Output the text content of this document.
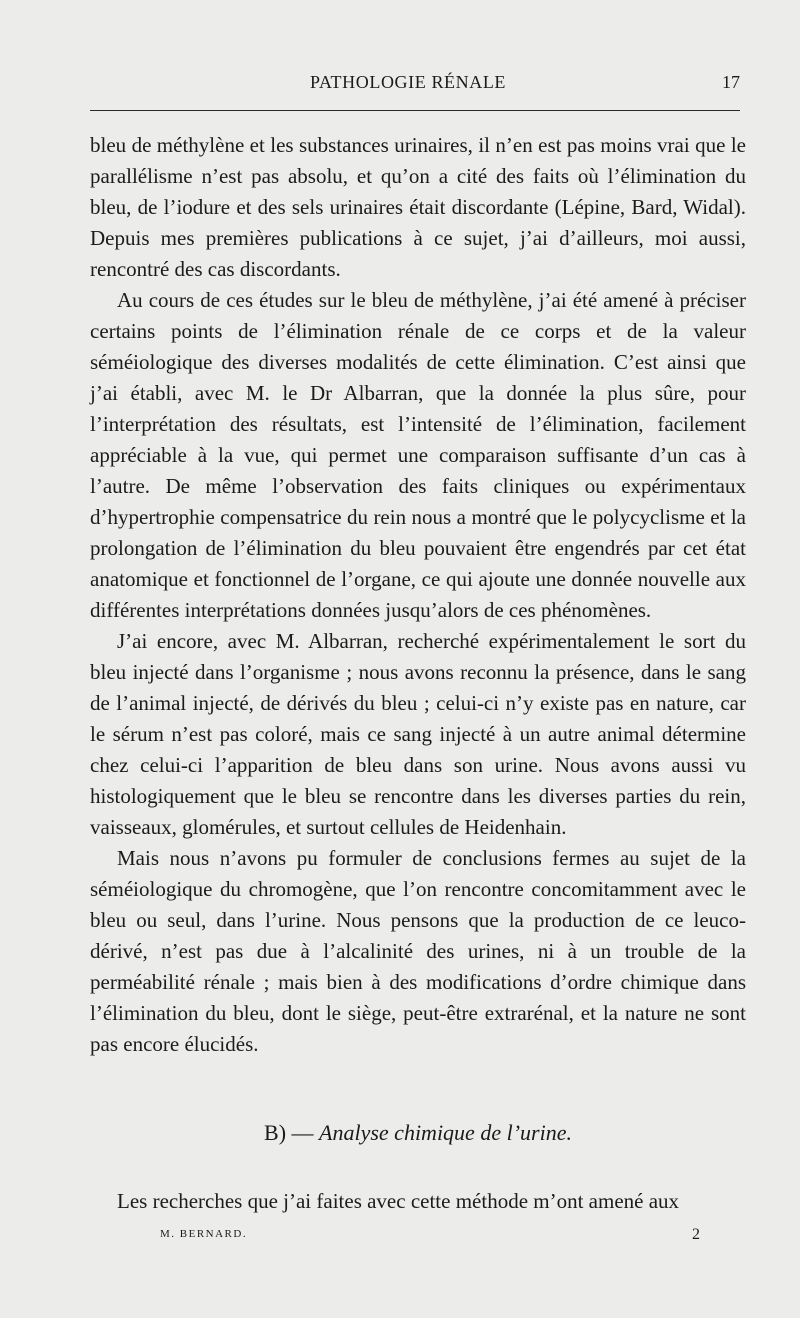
PATHOLOGIE RÉNALE	17

bleu de méthylène et les substances urinaires, il n’en est pas moins vrai que le parallélisme n’est pas absolu, et qu’on a cité des faits où l’élimination du bleu, de l’iodure et des sels urinaires était discordante (Lépine, Bard, Widal). Depuis mes premières publications à ce sujet, j’ai d’ailleurs, moi aussi, rencontré des cas discordants.

Au cours de ces études sur le bleu de méthylène, j’ai été amené à préciser certains points de l’élimination rénale de ce corps et de la valeur séméiologique des diverses modalités de cette élimination. C’est ainsi que j’ai établi, avec M. le Dr Albarran, que la donnée la plus sûre, pour l’interprétation des résultats, est l’intensité de l’élimination, facilement appréciable à la vue, qui permet une comparaison suffisante d’un cas à l’autre. De même l’observation des faits cliniques ou expérimentaux d’hypertrophie compensatrice du rein nous a montré que le polycyclisme et la prolongation de l’élimination du bleu pouvaient être engendrés par cet état anatomique et fonctionnel de l’organe, ce qui ajoute une donnée nouvelle aux différentes interprétations données jusqu’alors de ces phénomènes.

J’ai encore, avec M. Albarran, recherché expérimentalement le sort du bleu injecté dans l’organisme ; nous avons reconnu la présence, dans le sang de l’animal injecté, de dérivés du bleu ; celui-ci n’y existe pas en nature, car le sérum n’est pas coloré, mais ce sang injecté à un autre animal détermine chez celui-ci l’apparition de bleu dans son urine. Nous avons aussi vu histologiquement que le bleu se rencontre dans les diverses parties du rein, vaisseaux, glomérules, et surtout cellules de Heidenhain.

Mais nous n’avons pu formuler de conclusions fermes au sujet de la séméiologique du chromogène, que l’on rencontre concomitamment avec le bleu ou seul, dans l’urine. Nous pensons que la production de ce leuco-dérivé, n’est pas due à l’alcalinité des urines, ni à un trouble de la perméabilité rénale ; mais bien à des modifications d’ordre chimique dans l’élimination du bleu, dont le siège, peut-être extrarénal, et la nature ne sont pas encore élucidés.

B) — Analyse chimique de l’urine.
Les recherches que j’ai faites avec cette méthode m’ont amené aux
M. BERNARD.	2
